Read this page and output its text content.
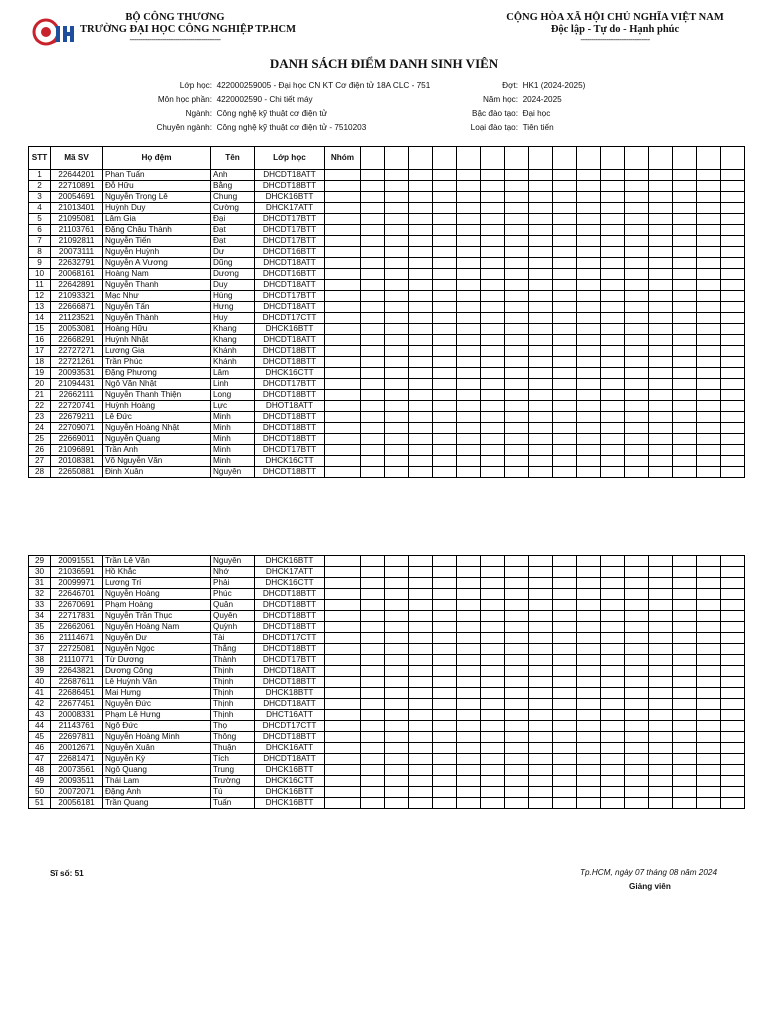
BỘ CÔNG THƯƠNG
TRƯỜNG ĐẠI HỌC CÔNG NGHIỆP TP.HCM
------------------------------------------
CỘNG HÒA XÃ HỘI CHỦ NGHĨA VIỆT NAM
Độc lập - Tự do - Hạnh phúc
--------------------------------
DANH SÁCH ĐIỂM DANH SINH VIÊN
Lớp học: 422000259005 - Đại học CN KT Cơ điện tử 18A CLC - 751
Môn học phần: 4220002590 - Chi tiết máy
Ngành: Công nghệ kỹ thuật cơ điện tử
Chuyên ngành: Công nghệ kỹ thuật cơ điện tử - 7510203
Đợt: HK1 (2024-2025)
Năm học: 2024-2025
Bậc đào tạo: Đại học
Loại đào tạo: Tiên tiến
STT	Mã SV	Họ đệm	Tên	Lớp học	Nhóm																
1	22644201	Phan Tuấn	Anh	DHCDT18ATT																	
2	22710891	Đỗ Hữu	Bằng	DHCDT18BTT																	
3	20054691	Nguyễn Trọng Lê	Chung	DHCK16BTT																	
4	21013401	Huỳnh Duy	Cường	DHCK17ATT																	
5	21095081	Lâm Gia	Đại	DHCDT17BTT																	
6	21103761	Đặng Châu Thành	Đạt	DHCDT17BTT																	
7	21092811	Nguyễn Tiến	Đạt	DHCDT17BTT																	
8	20073111	Nguyễn Huỳnh	Dư	DHCDT16BTT																	
9	22632791	Nguyễn A Vương	Dũng	DHCDT18ATT																	
10	20068161	Hoàng Nam	Dương	DHCDT16BTT																	
11	22642891	Nguyễn Thanh	Duy	DHCDT18ATT																	
12	21093321	Mạc Như	Hùng	DHCDT17BTT																	
13	22666871	Nguyễn Tấn	Hưng	DHCDT18ATT																	
14	21123521	Nguyễn Thành	Huy	DHCDT17CTT																	
15	20053081	Hoàng Hữu	Khang	DHCK16BTT																	
16	22668291	Huỳnh Nhật	Khang	DHCDT18ATT																	
17	22727271	Lương Gia	Khánh	DHCDT18BTT																	
18	22721261	Trần Phúc	Khánh	DHCDT18BTT																	
19	20093531	Đặng Phương	Lâm	DHCK16CTT																	
20	21094431	Ngô Văn Nhật	Linh	DHCDT17BTT																	
21	22662111	Nguyễn Thanh Thiện	Long	DHCDT18BTT																	
22	22720741	Huỳnh Hoàng	Lực	DHOT18ATT																	
23	22679211	Lê Đức	Minh	DHCDT18BTT																	
24	22709071	Nguyễn Hoàng Nhật	Minh	DHCDT18BTT																	
25	22669011	Nguyễn Quang	Minh	DHCDT18BTT																	
26	21096891	Trần Anh	Minh	DHCDT17BTT																	
27	20108381	Võ Nguyễn Văn	Minh	DHCK16CTT																	
28	22650881	Đinh Xuân	Nguyên	DHCDT18BTT																	
29	20091551	Trần Lê Văn	Nguyên	DHCK16BTT																	
30	21036591	Hồ Khắc	Nhớ	DHCK17ATT																	
31	20099971	Lương Trí	Phải	DHCK16CTT																	
32	22646701	Nguyễn Hoàng	Phúc	DHCDT18BTT																	
33	22670691	Phạm Hoàng	Quân	DHCDT18BTT																	
34	22717831	Nguyễn Trần Thục	Quyên	DHCDT18BTT																	
35	22662061	Nguyễn Hoàng Nam	Quỳnh	DHCDT18BTT																	
36	21114671	Nguyễn Dư	Tài	DHCDT17CTT																	
37	22725081	Nguyễn Ngọc	Thắng	DHCDT18BTT																	
38	21110771	Từ Dương	Thành	DHCDT17BTT																	
39	22643821	Dương Công	Thịnh	DHCDT18ATT																	
40	22687611	Lê Huỳnh Văn	Thịnh	DHCDT18BTT																	
41	22686451	Mai Hưng	Thịnh	DHCK18BTT																	
42	22677451	Nguyễn Đức	Thịnh	DHCDT18ATT																	
43	20008331	Phạm Lê Hưng	Thịnh	DHCT16ATT																	
44	21143761	Ngô Đức	Thọ	DHCDT17CTT																	
45	22697811	Nguyễn Hoàng Minh	Thông	DHCDT18BTT																	
46	20012671	Nguyễn Xuân	Thuận	DHCK16ATT																	
47	22681471	Nguyễn Kỳ	Tích	DHCDT18ATT																	
48	20073561	Ngô Quang	Trung	DHCK16BTT																	
49	20093511	Thái Lam	Trường	DHCK16CTT																	
50	20072071	Đặng Anh	Tú	DHCK16BTT																	
51	20056181	Trần Quang	Tuấn	DHCK16BTT																	
Sĩ số: 51	Tp.HCM, ngày 07 tháng 08 năm 2024
Giảng viên
